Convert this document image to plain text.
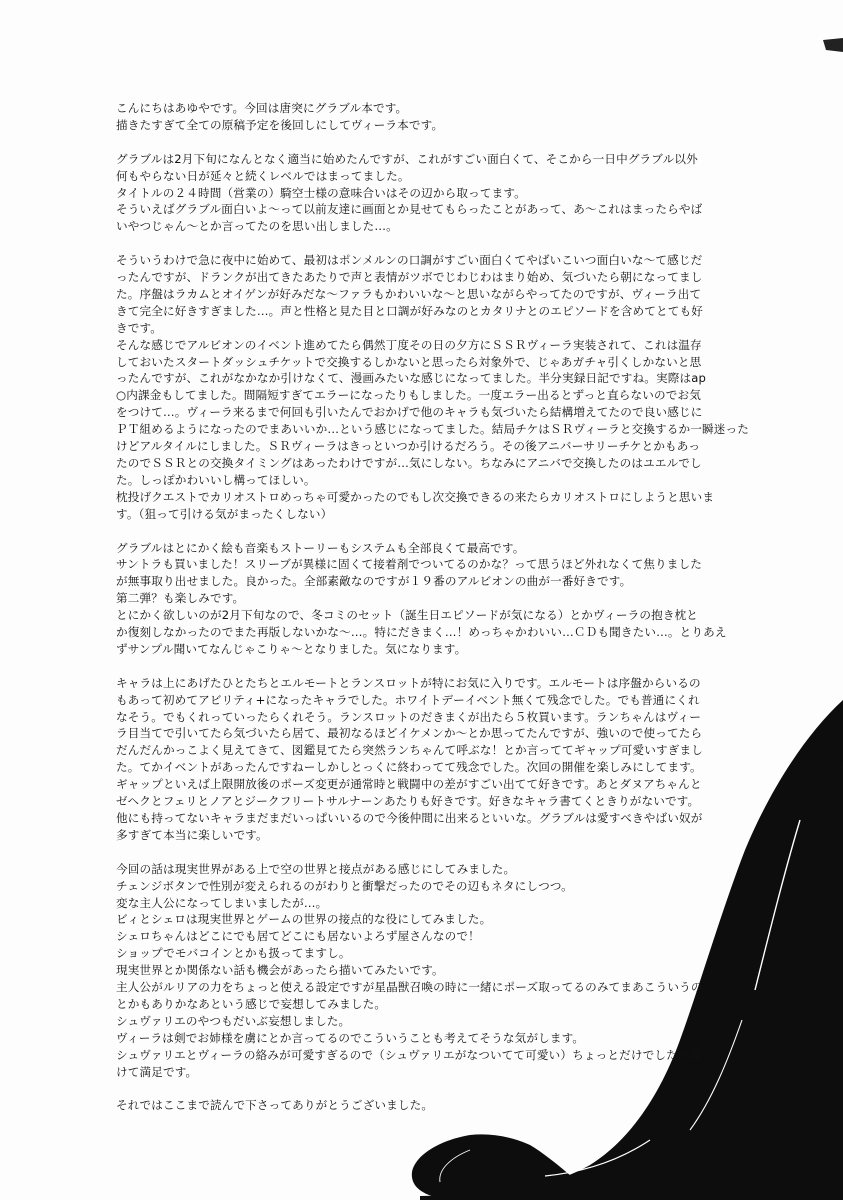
こんにちはあゆやです。今回は唐突にグラブル本です。
描きたすぎて全ての原稿予定を後回しにしてヴィーラ本です。
グラブルは2月下旬になんとなく適当に始めたんですが、これがすごい面白くて、そこから一日中グラブル以外
何もやらない日が延々と続くレベルではまってました。
タイトルの２４時間（営業の）騎空士様の意味合いはその辺から取ってます。
そういえばグラブル面白いよ～って以前友達に画面とか見せてもらったことがあって、あ～これはまったらやば
いやつじゃん～とか言ってたのを思い出しました…。
そういうわけで急に夜中に始めて、最初はポンメルンの口調がすごい面白くてやばいこいつ面白いな～て感じだ
ったんですが、ドランクが出てきたあたりで声と表情がツボでじわじわはまり始め、気づいたら朝になってまし
た。序盤はラカムとオイゲンが好みだな～ファラもかわいいな～と思いながらやってたのですが、ヴィーラ出て
きて完全に好きすぎました…。声と性格と見た目と口調が好みなのとカタリナとのエピソードを含めてとても好
きです。
そんな感じでアルビオンのイベント進めてたら偶然丁度その日の夕方にＳＳＲヴィーラ実装されて、これは温存
しておいたスタートダッシュチケットで交換するしかないと思ったら対象外で、じゃあガチャ引くしかないと思
ったんですが、これがなかなか引けなくて、漫画みたいな感じになってました。半分実録日記ですね。実際はap
○内課金もしてました。間隔短すぎてエラーになったりもしました。一度エラー出るとずっと直らないのでお気
をつけて…。ヴィーラ来るまで何回も引いたんでおかげで他のキャラも気づいたら結構増えてたので良い感じに
ＰＴ組めるようになったのでまあいいか…という感じになってました。結局チケはＳＲヴィーラと交換するか一瞬迷った
けどアルタイルにしました。ＳＲヴィーラはきっといつか引けるだろう。その後アニバーサリーチケとかもあっ
たのでＳＳＲとの交換タイミングはあったわけですが…気にしない。ちなみにアニバで交換したのはユエルでし
た。しっぽかわいいし構ってほしい。
枕投げクエストでカリオストロめっちゃ可愛かったのでもし次交換できるの来たらカリオストロにしようと思いま
す。（狙って引ける気がまったくしない）
グラブルはとにかく絵も音楽もストーリーもシステムも全部良くて最高です。
サントラも買いました！スリーブが異様に固くて接着剤でついてるのかな？って思うほど外れなくて焦りました
が無事取り出せました。良かった。全部素敵なのですが１９番のアルビオンの曲が一番好きです。
第二弾？も楽しみです。
とにかく欲しいのが2月下旬なので、冬コミのセット（誕生日エピソードが気になる）とかヴィーラの抱き枕と
か復刻しなかったのでまた再版しないかな～…。特にだきまく…！めっちゃかわいい…ＣＤも聞きたい…。とりあえ
ずサンプル聞いてなんじゃこりゃ～となりました。気になります。
キャラは上にあげたひとたちとエルモートとランスロットが特にお気に入りです。エルモートは序盤からいるの
もあって初めてアビリティ+になったキャラでした。ホワイトデーイベント無くて残念でした。でも普通にくれ
なそう。でもくれっていったらくれそう。ランスロットのだきまくが出たら５枚買います。ランちゃんはヴィー
ラ目当てで引いてたら気づいたら居て、最初なるほどイケメンか～とか思ってたんですが、強いので使ってたら
だんだんかっこよく見えてきて、図鑑見てたら突然ランちゃんて呼ぶな！とか言っててギャップ可愛いすぎまし
た。てかイベントがあったんですねーしかしとっくに終わってて残念でした。次回の開催を楽しみにしてます。
ギャップといえば上限開放後のポーズ変更が通常時と戦闘中の差がすごい出てて好きです。あとダヌアちゃんと
ゼヘクとフェリとノアとジークフリートサルナーンあたりも好きです。好きなキャラ書てくときりがないです。
他にも持ってないキャラまだまだいっぱいいるので今後仲間に出来るといいな。グラブルは愛すべきやばい奴が
多すぎて本当に楽しいです。
今回の話は現実世界がある上で空の世界と接点がある感じにしてみました。
チェンジボタンで性別が変えられるのがわりと衝撃だったのでその辺もネタにしつつ。
変な主人公になってしまいましたが…。
ビィとシェロは現実世界とゲームの世界の接点的な役にしてみました。
シェロちゃんはどこにでも居てどこにも居ないよろず屋さんなので！
ショップでモバコインとかも扱ってますし。
現実世界とか関係ない話も機会があったら描いてみたいです。
主人公がルリアの力をちょっと使える設定ですが星晶獣召喚の時に一緒にポーズ取ってるのみてまあこういうの
とかもありかなあという感じで妄想してみました。
シュヴァリエのやつもだいぶ妄想しました。
ヴィーラは剣でお姉様を虜にとか言ってるのでこういうことも考えてそうな気がします。
シュヴァリエとヴィーラの絡みが可愛すぎるので（シュヴァリエがなついてて可愛い）ちょっとだけでしたが描
けて満足です。
それではここまで読んで下さってありがとうございました。
